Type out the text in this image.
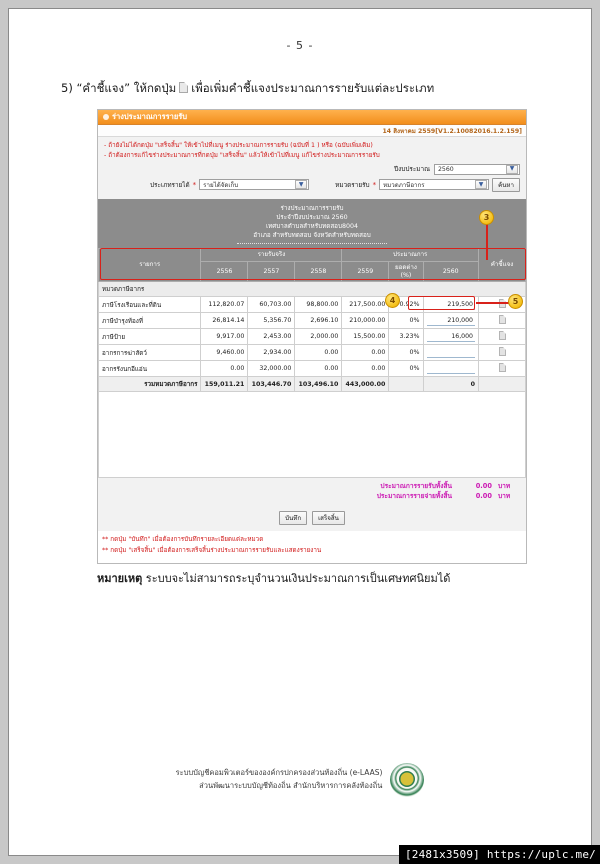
- 5 -
5) “คำชี้แจง” ให้กดปุ่ม เพื่อเพิ่มคำชี้แจงประมาณการรายรับแต่ละประเภท
ร่างประมาณการรายรับ
14 สิงหาคม 2559[V1.2.10082016.1.2.159]
- ถ้ายังไม่ได้กดปุ่ม "เสร็จสิ้น" ให้เข้าไปที่เมนู ร่างประมาณการรายรับ (ฉบับที่ 1 ) หรือ (ฉบับเพิ่มเติม)
- ถ้าต้องการแก้ไขร่างประมาณการที่กดปุ่ม "เสร็จสิ้น" แล้วให้เข้าไปที่เมนู แก้ไขร่างประมาณการรายรับ
ปีงบประมาณ 2560	▼
ประเภทรายได้ * รายได้จัดเก็บ	▼	หมวดรายรับ * หมวดภาษีอากร	▼	ค้นหา
ร่างประมาณการรายรับ
ประจำปีงบประมาณ 2560
เทศบาลตำบลสำหรับทดสอบ8004
อำเภอ สำหรับทดสอบ จังหวัดสำหรับทดสอบ
รายการ	รายรับจริง			ประมาณการ			คำชี้แจง
	2556	2557	2558	2559	ยอดต่าง (%)	2560	
หมวดภาษีอากร							
ภาษีโรงเรือนและที่ดิน	112,820.07	60,703.00	98,800.00	217,500.00	0.92%	219,500	

ภาษีบำรุงท้องที่	26,814.14	5,356.70	2,696.10	210,000.00	0%	210,000	

ภาษีป้าย	9,917.00	2,453.00	2,000.00	15,500.00	3.23%	16,000	

อากรการฆ่าสัตว์	9,460.00	2,934.00	0.00	0.00	0%	

อากรรังนกอีแอ่น	0.00	32,000.00	0.00	0.00	0%	

รวมหมวดภาษีอากร	159,011.21	103,446.70	103,496.10	443,000.00		0	
ประมาณการรายรับทั้งสิ้น	0.00 บาท
ประมาณการรายจ่ายทั้งสิ้น	0.00 บาท
บันทึก	เสร็จสิ้น
** กดปุ่ม "บันทึก" เมื่อต้องการบันทึกรายละเอียดแต่ละหมวด
** กดปุ่ม "เสร็จสิ้น" เมื่อต้องการเสร็จสิ้นร่างประมาณการรายรับและแสดงรายงาน
3
4	5
หมายเหตุ ระบบจะไม่สามารถระบุจำนวนเงินประมาณการเป็นเศษทศนิยมได้
ระบบบัญชีคอมพิวเตอร์ขององค์กรปกครองส่วนท้องถิ่น (e-LAAS)
ส่วนพัฒนาระบบบัญชีท้องถิ่น สำนักบริหารการคลังท้องถิ่น
[2481x3509] https://uplc.me/
